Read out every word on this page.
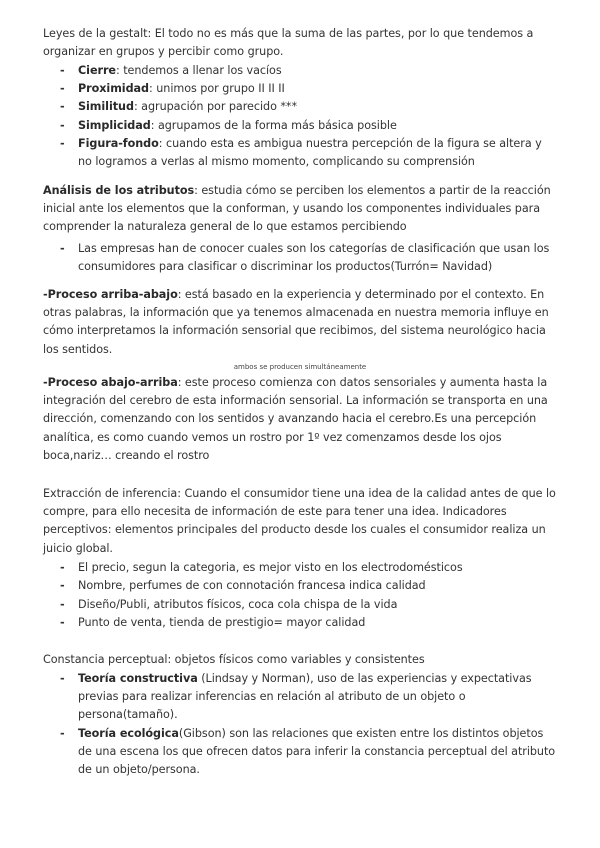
Leyes de la gestalt: El todo no es más que la suma de las partes, por lo que tendemos a organizar en grupos y percibir como grupo.
- Cierre: tendemos a llenar los vacíos
- Proximidad: unimos por grupo II II II
- Similitud: agrupación por parecido ***
- Simplicidad: agrupamos de la forma más básica posible
- Figura-fondo: cuando esta es ambigua nuestra percepción de la figura se altera y no logramos a verlas al mismo momento, complicando su comprensión
Análisis de los atributos: estudia cómo se perciben los elementos a partir de la reacción inicial ante los elementos que la conforman, y usando los componentes individuales para comprender la naturaleza general de lo que estamos percibiendo
- Las empresas han de conocer cuales son los categorías de clasificación que usan los consumidores para clasificar o discriminar los productos(Turrón= Navidad)
-Proceso arriba-abajo: está basado en la experiencia y determinado por el contexto. En otras palabras, la información que ya tenemos almacenada en nuestra memoria influye en cómo interpretamos la información sensorial que recibimos, del sistema neurológico hacia los sentidos.
ambos se producen simultáneamente
-Proceso abajo-arriba: este proceso comienza con datos sensoriales y aumenta hasta la integración del cerebro de esta información sensorial. La información se transporta en una dirección, comenzando con los sentidos y avanzando hacia el cerebro.Es una percepción analítica, es como cuando vemos un rostro por 1º vez comenzamos desde los ojos boca,nariz… creando el rostro
Extracción de inferencia: Cuando el consumidor tiene una idea de la calidad antes de que lo compre, para ello necesita de información de este para tener una idea. Indicadores perceptivos: elementos principales del producto desde los cuales el consumidor realiza un juicio global.
- El precio, segun la categoria, es mejor visto en los electrodomésticos
- Nombre, perfumes de con connotación francesa indica calidad
- Diseño/Publi, atributos físicos, coca cola chispa de la vida
- Punto de venta, tienda de prestigio= mayor calidad
Constancia perceptual: objetos físicos como variables y consistentes
- Teoría constructiva (Lindsay y Norman), uso de las experiencias y expectativas previas para realizar inferencias en relación al atributo de un objeto o persona(tamaño).
- Teoría ecológica(Gibson) son las relaciones que existen entre los distintos objetos de una escena los que ofrecen datos para inferir la constancia perceptual del atributo de un objeto/persona.
